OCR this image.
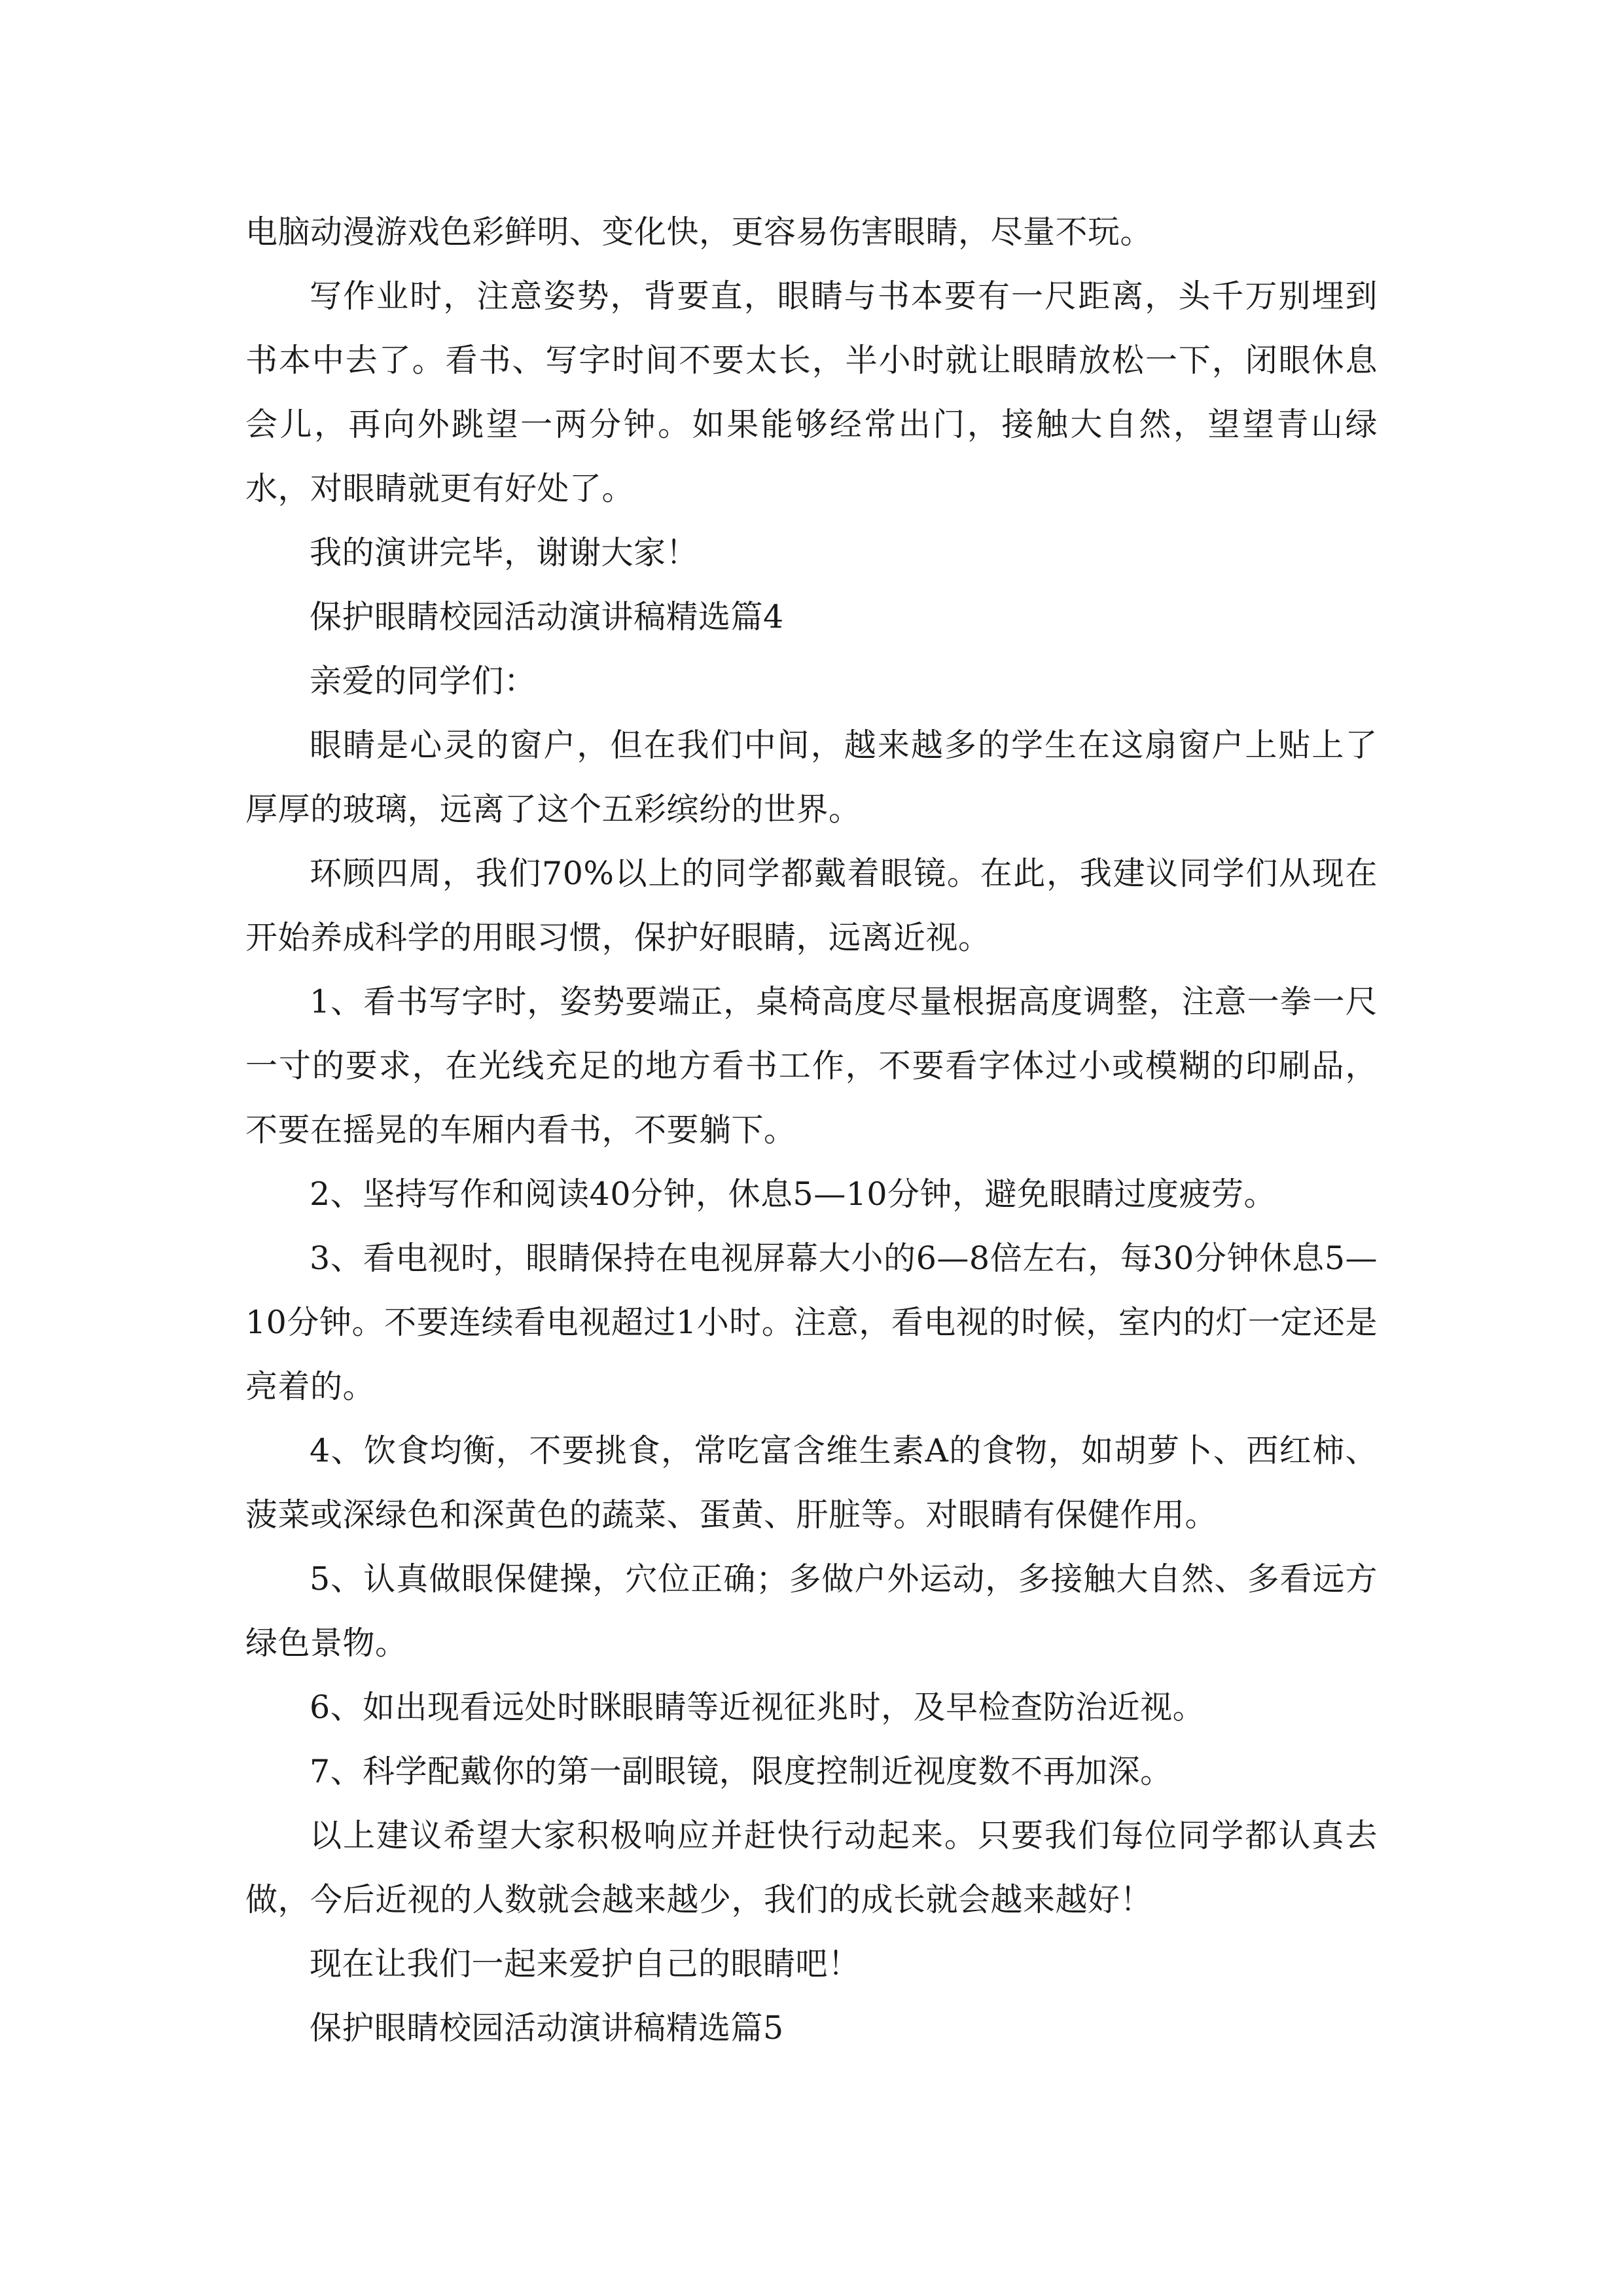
电脑动漫游戏色彩鲜明、变化快，更容易伤害眼睛，尽量不玩。

写作业时，注意姿势，背要直，眼睛与书本要有一尺距离，头千万别埋到书本中去了。看书、写字时间不要太长，半小时就让眼睛放松一下，闭眼休息会儿，再向外跳望一两分钟。如果能够经常出门，接触大自然，望望青山绿水，对眼睛就更有好处了。

我的演讲完毕，谢谢大家！

保护眼睛校园活动演讲稿精选篇4

亲爱的同学们：

眼睛是心灵的窗户，但在我们中间，越来越多的学生在这扇窗户上贴上了厚厚的玻璃，远离了这个五彩缤纷的世界。

环顾四周，我们70%以上的同学都戴着眼镜。在此，我建议同学们从现在开始养成科学的用眼习惯，保护好眼睛，远离近视。

1、看书写字时，姿势要端正，桌椅高度尽量根据高度调整，注意一拳一尺一寸的要求，在光线充足的地方看书工作，不要看字体过小或模糊的印刷品，不要在摇晃的车厢内看书，不要躺下。

2、坚持写作和阅读40分钟，休息5—10分钟，避免眼睛过度疲劳。

3、看电视时，眼睛保持在电视屏幕大小的6—8倍左右，每30分钟休息5—10分钟。不要连续看电视超过1小时。注意，看电视的时候，室内的灯一定还是亮着的。

4、饮食均衡，不要挑食，常吃富含维生素A的食物，如胡萝卜、西红柿、菠菜或深绿色和深黄色的蔬菜、蛋黄、肝脏等。对眼睛有保健作用。

5、认真做眼保健操，穴位正确；多做户外运动，多接触大自然、多看远方绿色景物。

6、如出现看远处时眯眼睛等近视征兆时，及早检查防治近视。

7、科学配戴你的第一副眼镜，限度控制近视度数不再加深。

以上建议希望大家积极响应并赶快行动起来。只要我们每位同学都认真去做，今后近视的人数就会越来越少，我们的成长就会越来越好！

现在让我们一起来爱护自己的眼睛吧！

保护眼睛校园活动演讲稿精选篇5
